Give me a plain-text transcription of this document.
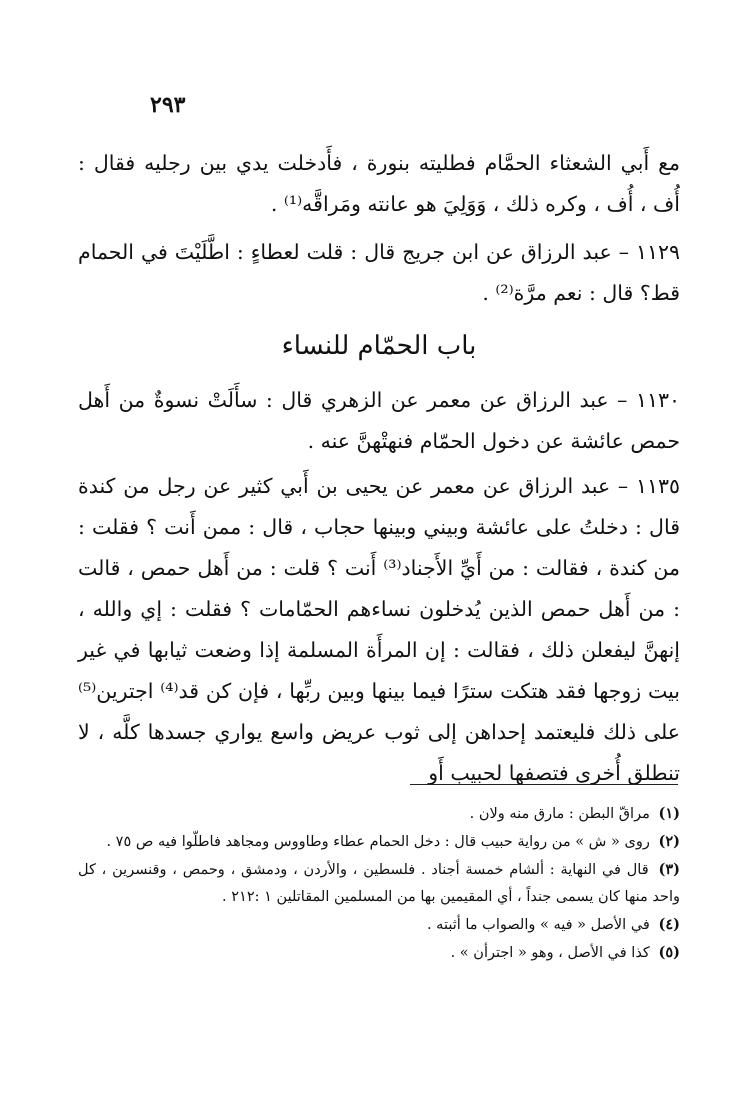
٢٩٣
مع أَبي الشعثاء الحمَّام فطليته بنورة ، فأَدخلت يدي بين رجليه فقال : أُف ، أُف ، وكره ذلك ، وَوَلِيَ هو عانته ومَراقَّه⁽¹⁾ .
١١٢٩ – عبد الرزاق عن ابن جريج قال : قلت لعطاءٍ : اطَّلَيْتَ في الحمام قط؟ قال : نعم مرَّة⁽²⁾ .
باب الحمّام للنساء
١١٣٠ – عبد الرزاق عن معمر عن الزهري قال : سأَلَتْ نسوةٌ من أَهل حمص عائشة عن دخول الحمّام فنهتْهنَّ عنه .
١١٣٥ – عبد الرزاق عن معمر عن يحيى بن أَبي كثير عن رجل من كندة قال : دخلتُ على عائشة وبيني وبينها حجاب ، قال : ممن أَنت ؟ فقلت : من كندة ، فقالت : من أَيِّ الأَجناد⁽³⁾ أَنت ؟ قلت : من أَهل حمص ، قالت : من أَهل حمص الذين يُدخلون نساءهم الحمّامات ؟ فقلت : إي والله ، إنهنَّ ليفعلن ذلك ، فقالت : إن المرأَة المسلمة إذا وضعت ثيابها في غير بيت زوجها فقد هتكت سترًا فيما بينها وبين ربِّها ، فإن كن قد⁽⁴⁾ اجترين⁽⁵⁾ على ذلك فليعتمد إحداهن إلى ثوب عريض واسع يواري جسدها كلَّه ، لا تنطلق أُخرى فتصفها لحبيب أَو
(١) مراقّ البطن : مارق منه ولان .
(٢) روى « ش » من رواية حبيب قال : دخل الحمام عطاء وطاووس ومجاهد فاطلّوا فيه ص ٧٥ .
(٣) قال في النهاية : ألشام خمسة أجناد . فلسطين ، والأردن ، ودمشق ، وحمص ، وقنسرين ، كل واحد منها كان يسمى جنداً ، أي المقيمين بها من المسلمين المقاتلين ١ :٢١٢ .
(٤) في الأصل « فيه » والصواب ما أثبته .
(٥) كذا في الأصل ، وهو « اجترأن » .
